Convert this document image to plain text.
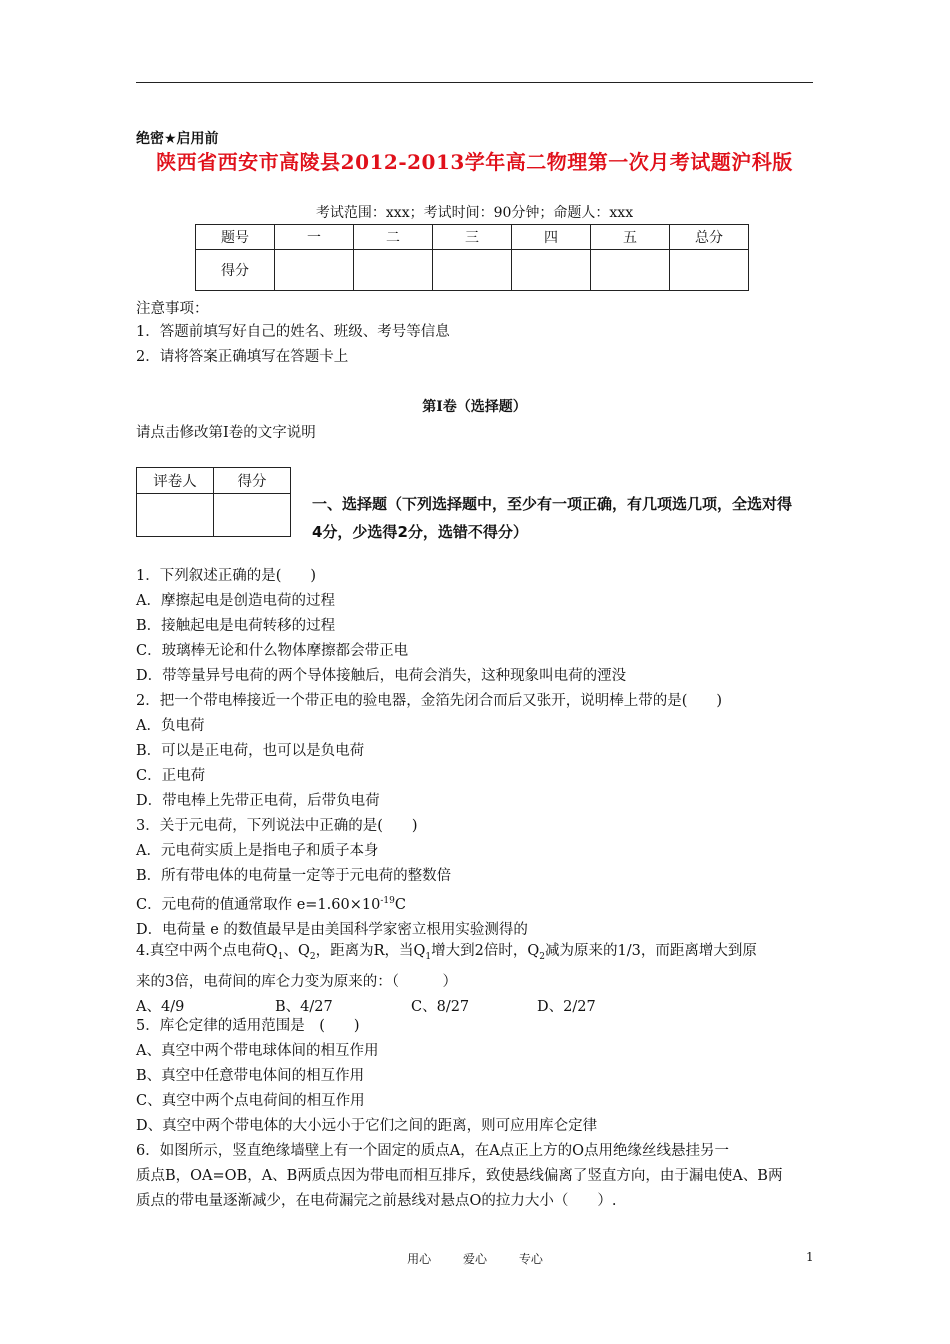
绝密★启用前
陕西省西安市高陵县2012-2013学年高二物理第一次月考试题沪科版
考试范围：xxx；考试时间：90分钟；命题人：xxx
题号	一	二	三	四	五	总分
得分						
注意事项：
1．答题前填写好自己的姓名、班级、考号等信息
2．请将答案正确填写在答题卡上
第Ⅰ卷（选择题）
请点击修改第Ⅰ卷的文字说明
评卷人	得分

一、选择题（下列选择题中，至少有一项正确，有几项选几项，全选对得
4分，少选得2分，选错不得分）
1．下列叙述正确的是(　　)
A．摩擦起电是创造电荷的过程
B．接触起电是电荷转移的过程
C．玻璃棒无论和什么物体摩擦都会带正电
D．带等量异号电荷的两个导体接触后，电荷会消失，这种现象叫电荷的湮没
2．把一个带电棒接近一个带正电的验电器，金箔先闭合而后又张开，说明棒上带的是(　　)
A．负电荷
B．可以是正电荷，也可以是负电荷
C．正电荷
D．带电棒上先带正电荷，后带负电荷
3．关于元电荷，下列说法中正确的是(　　)
A．元电荷实质上是指电子和质子本身
B．所有带电体的电荷量一定等于元电荷的整数倍
C．元电荷的值通常取作 $e=1.60\times 10^{-19}C$
D．电荷量 e 的数值最早是由美国科学家密立根用实验测得的
4.真空中两个点电荷$Q_1$、$Q_2$，距离为R，当$Q_1$增大到2倍时，$Q_2$减为原来的1/3，而距离增大到原
来的3倍，电荷间的库仑力变为原来的：（　　　）
A、4/9	B、4/27	C、8/27	D、2/27
5．库仑定律的适用范围是　(　　)
A、真空中两个带电球体间的相互作用
B、真空中任意带电体间的相互作用
C、真空中两个点电荷间的相互作用
D、真空中两个带电体的大小远小于它们之间的距离，则可应用库仑定律
6．如图所示，竖直绝缘墙壁上有一个固定的质点A，在A点正上方的O点用绝缘丝线悬挂另一
质点B，OA=OB，A、B两质点因为带电而相互排斥，致使悬线偏离了竖直方向，由于漏电使A、B两
质点的带电量逐渐减少，在电荷漏完之前悬线对悬点O的拉力大小（　　）.
用心	爱心	专心	1
